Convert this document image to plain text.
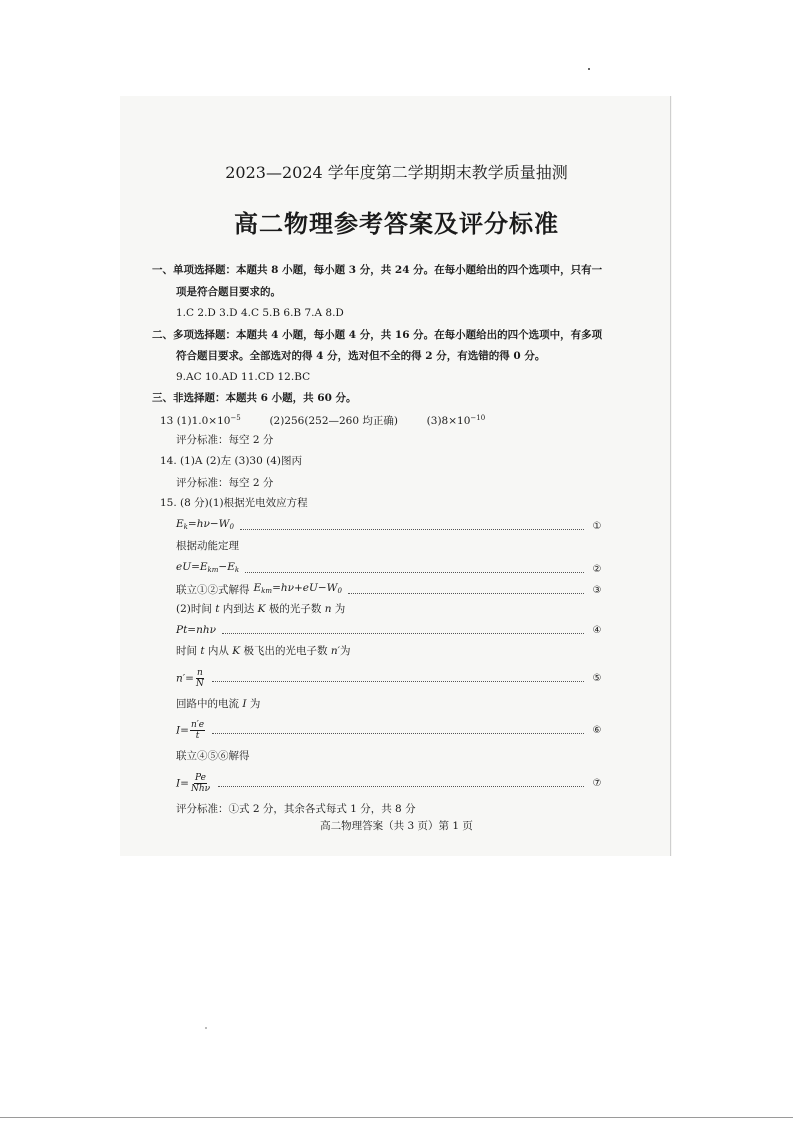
2023—2024 学年度第二学期期末教学质量抽测
高二物理参考答案及评分标准
一、单项选择题：本题共 8 小题，每小题 3 分，共 24 分。在每小题给出的四个选项中，只有一
项是符合题目要求的。
1.C 2.D 3.D 4.C 5.B 6.B 7.A 8.D
二、多项选择题：本题共 4 小题，每小题 4 分，共 16 分。在每小题给出的四个选项中，有多项
符合题目要求。全部选对的得 4 分，选对但不全的得 2 分，有选错的得 0 分。
9.AC 10.AD 11.CD 12.BC
三、非选择题：本题共 6 小题，共 60 分。
13 $(1)1.0\times 10^{-5}$	(2)256(252—260 均正确)	$(3)8\times 10^{-10}$
评分标准：每空 2 分
14. (1)A (2)左 (3)30 (4)图丙
评分标准：每空 2 分
15. (8 分)(1)根据光电效应方程
$E_k=h\nu-W_0$	①
根据动能定理
$eU=E_{km}-E_k$	②
联立①②式解得 $E_{km}=h\nu+eU-W_0$	③
(2)时间 t 内到达 K 极的光子数 n 为
Pt=nhν	④
时间 t 内从 K 极飞出的光电子数 n′为
$n'= \frac{n}{N}$	⑤
回路中的电流 I 为
$I= \frac{n'e}{t}$	⑥
联立④⑤⑥解得
$I= \frac{Pe}{\text{Nhν}}$	⑦
评分标准：①式 2 分，其余各式每式 1 分，共 8 分
高二物理答案（共 3 页）第 1 页
